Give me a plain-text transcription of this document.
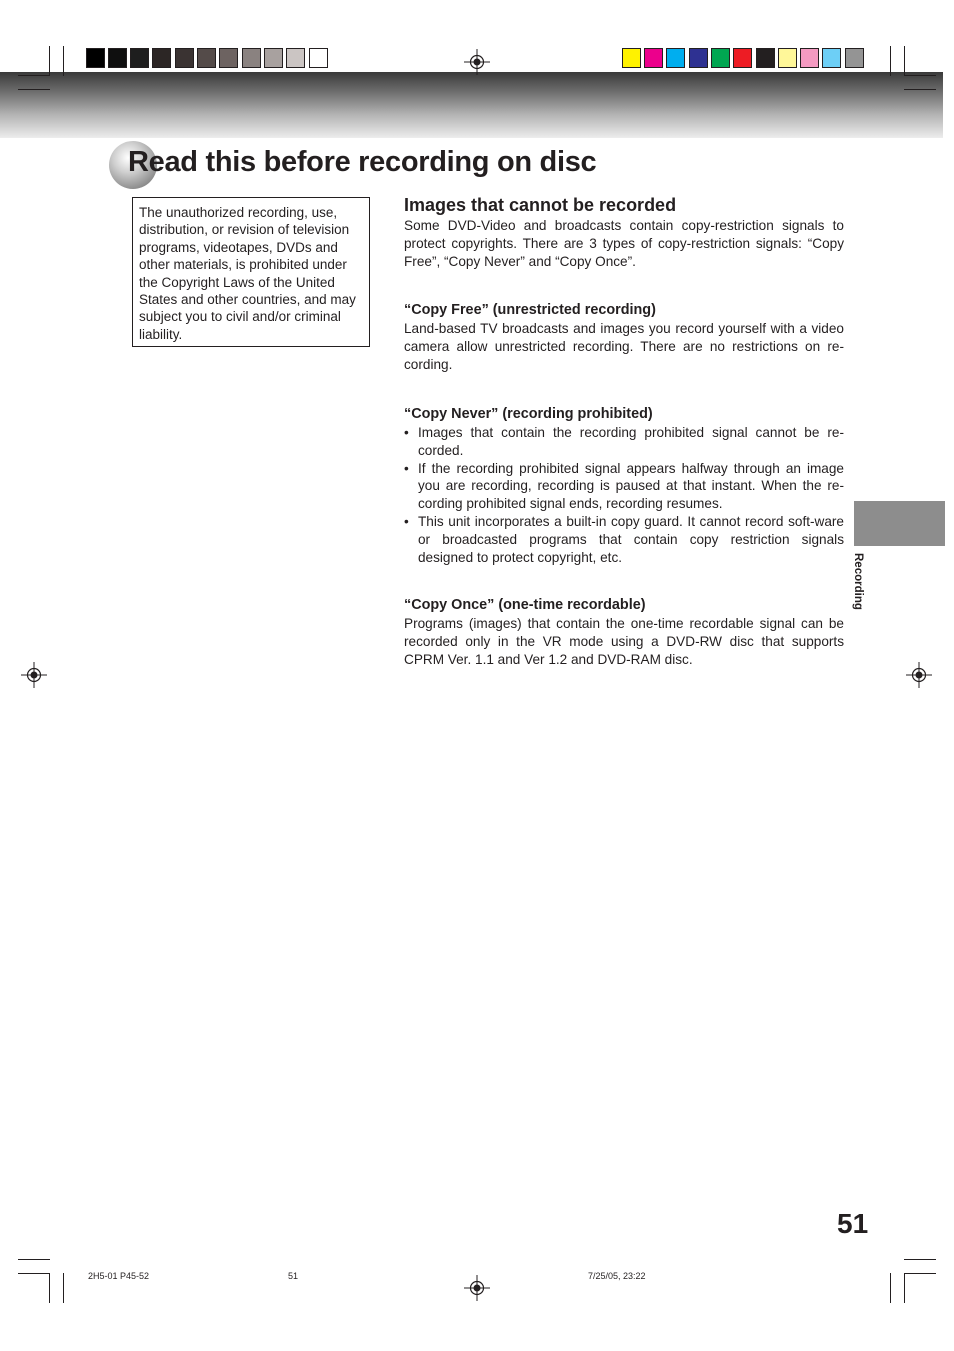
Read this before recording on disc
The unauthorized recording, use, distribution, or revision of television programs, videotapes, DVDs and other materials, is prohibited under the Copyright Laws of the United States and other countries, and may subject you to civil and/or criminal liability.
Images that cannot be recorded
Some DVD-Video and broadcasts contain copy-restriction signals to protect copyrights. There are 3 types of copy-restriction signals: “Copy Free”, “Copy Never” and “Copy Once”.
“Copy Free” (unrestricted recording)
Land-based TV broadcasts and images you record yourself with a video camera allow unrestricted recording. There are no restrictions on re-cording.
“Copy Never” (recording prohibited)
• Images that contain the recording prohibited signal cannot be re-corded.
• If the recording prohibited signal appears halfway through an image you are recording, recording is paused at that instant. When the re-cording prohibited signal ends, recording resumes.
• This unit incorporates a built-in copy guard. It cannot record soft-ware or broadcasted programs that contain copy restriction signals designed to protect copyright, etc.
“Copy Once” (one-time recordable)
Programs (images) that contain the one-time recordable signal can be recorded only in the VR mode using a DVD-RW disc that supports CPRM Ver. 1.1 and Ver 1.2 and DVD-RAM disc.
Recording
51
2H5-01 P45-52	51	7/25/05, 23:22
